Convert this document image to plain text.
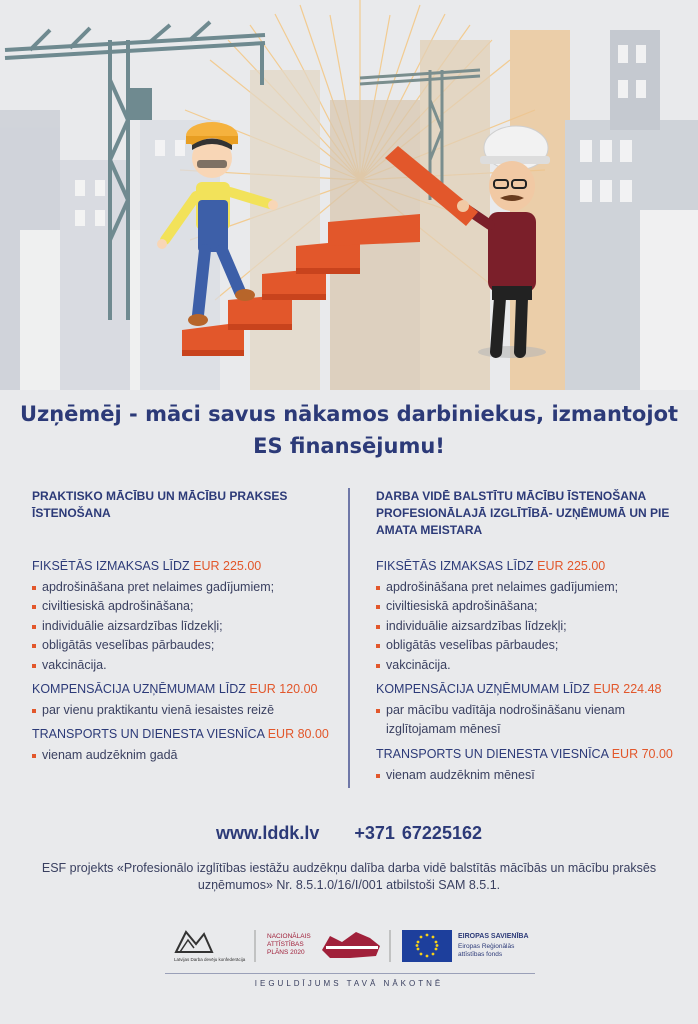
Uzņēmēj - māci savus nākamos darbiniekus, izmantojot
ES finansējumu!
PRAKTISKO MĀCĪBU UN MĀCĪBU PRAKSES ĪSTENOŠANA
FIKSĒTĀS IZMAKSAS LĪDZ EUR 225.00
apdrošināšana pret nelaimes gadījumiem;
civiltiesiskā apdrošināšana;
individuālie aizsardzības līdzekļi;
obligātās veselības pārbaudes;
vakcinācija.
KOMPENSĀCIJA UZŅĒMUMAM LĪDZ EUR 120.00
par vienu praktikantu vienā iesaistes reizē
TRANSPORTS UN DIENESTA VIESNĪCA EUR 80.00
vienam audzēknim gadā
DARBA VIDĒ BALSTĪTU MĀCĪBU ĪSTENOŠANA PROFESIONĀLAJĀ IZGLĪTĪBĀ- UZŅĒMUMĀ UN PIE AMATA MEISTARA
FIKSĒTĀS IZMAKSAS LĪDZ EUR 225.00
apdrošināšana pret nelaimes gadījumiem;
civiltiesiskā apdrošināšana;
individuālie aizsardzības līdzekļi;
obligātās veselības pārbaudes;
vakcinācija.
KOMPENSĀCIJA UZŅĒMUMAM LĪDZ EUR 224.48
par mācību vadītāja nodrošināšanu vienam izglītojamam mēnesī
TRANSPORTS UN DIENESTA VIESNĪCA EUR 70.00
vienam audzēknim mēnesī
www.lddk.lv +371 67225162
ESF projekts «Profesionālo izglītības iestāžu audzēkņu dalība darba vidē balstītās mācībās un mācību praksēs uzņēmumos» Nr. 8.5.1.0/16/I/001 atbilstoši SAM 8.5.1.
Latvijas Darba devēju konfederācija
NACIONĀLAIS
ATTĪSTĪBAS
PLĀNS 2020
EIROPAS SAVIENĪBA
Eiropas Reģionālās
attīstības fonds
IEGULDĪJUMS TAVĀ NĀKOTNĒ
